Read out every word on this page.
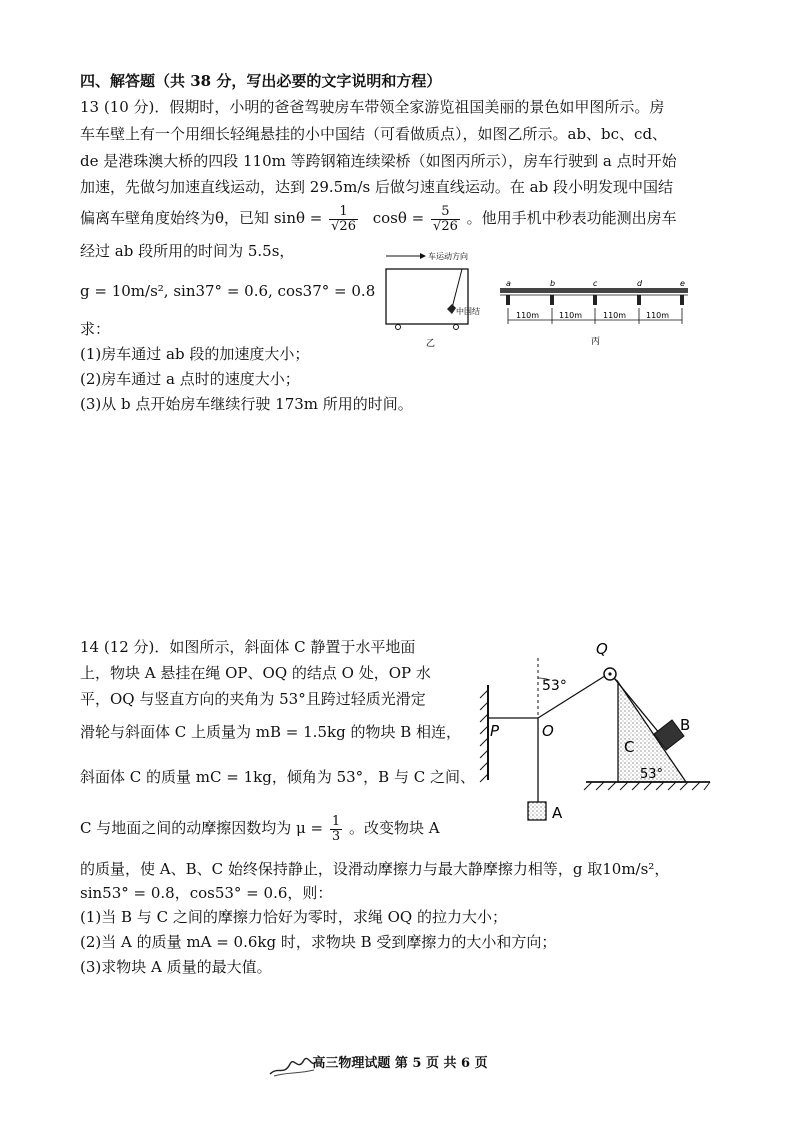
四、解答题（共 38 分，写出必要的文字说明和方程）
13 (10 分)．假期时，小明的爸爸驾驶房车带领全家游览祖国美丽的景色如甲图所示。房
车车壁上有一个用细长轻绳悬挂的小中国结（可看做质点），如图乙所示。ab、bc、cd、
de 是港珠澳大桥的四段 110m 等跨钢箱连续梁桥（如图丙所示），房车行驶到 a 点时开始
加速，先做匀加速直线运动，达到 29.5m/s 后做匀速直线运动。在 ab 段小明发现中国结
偏离车壁角度始终为θ，已知 $\sin\theta = \frac{1}{√26}$ $\cos\theta = \frac{5}{√26}$ 。他用手机中秒表功能测出房车
经过 ab 段所用的时间为 5.5s，
g = 10m/s², sin37° = 0.6, cos37° = 0.8
求：
(1)房车通过 ab 段的加速度大小；
(2)房车通过 a 点时的速度大小；
(3)从 b 点开始房车继续行驶 173m 所用的时间。
车运动方向
中国结
乙
a	b	c	d	e
110m 110m	110m 110m
丙
14 (12 分)．如图所示，斜面体 C 静置于水平地面
上，物块 A 悬挂在绳 OP、OQ 的结点 O 处，OP 水
平，OQ 与竖直方向的夹角为 53°且跨过轻质光滑定
滑轮与斜面体 C 上质量为 mB = 1.5kg 的物块 B 相连，
斜面体 C 的质量 mC = 1kg，倾角为 53°，B 与 C 之间、
C 与地面之间的动摩擦因数均为 $\mu = \frac{1}{3}$ 。改变物块 A
的质量，使 A、B、C 始终保持静止，设滑动摩擦力与最大静摩擦力相等，g 取10m/s²，
sin53° = 0.8，cos53° = 0.6，则：
(1)当 B 与 C 之间的摩擦力恰好为零时，求绳 OQ 的拉力大小；
(2)当 A 的质量 mA = 0.6kg 时，求物块 B 受到摩擦力的大小和方向；
(3)求物块 A 质量的最大值。
P
53°
O
A
Q
B
C
53°
高三物理试题 第 5 页 共 6 页
